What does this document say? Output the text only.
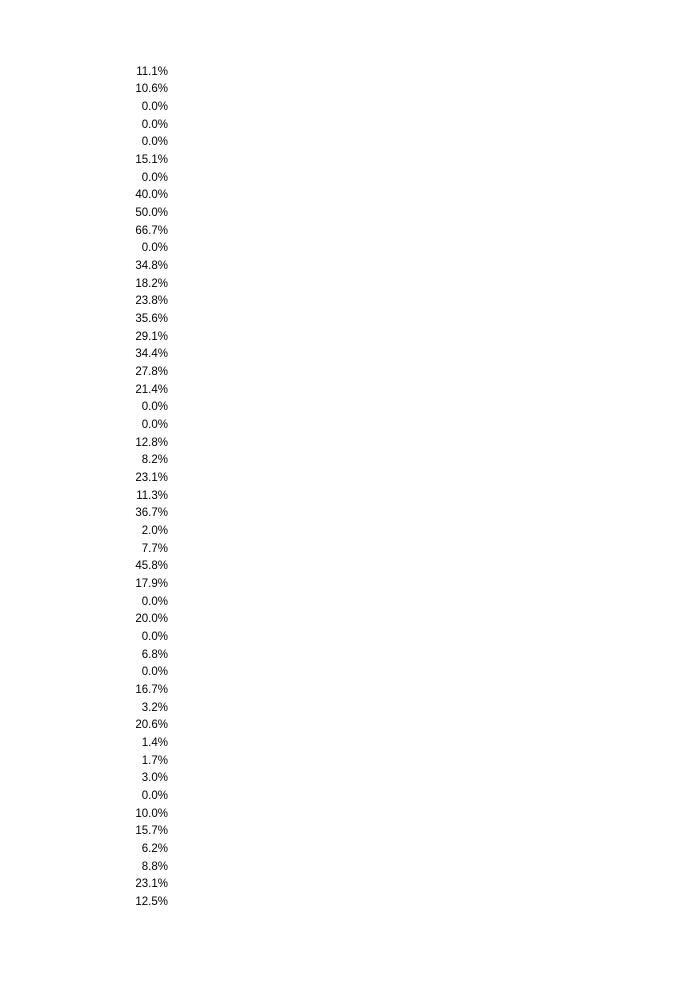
11.1%
10.6%
0.0%
0.0%
0.0%
15.1%
0.0%
40.0%
50.0%
66.7%
0.0%
34.8%
18.2%
23.8%
35.6%
29.1%
34.4%
27.8%
21.4%
0.0%
0.0%
12.8%
8.2%
23.1%
11.3%
36.7%
2.0%
7.7%
45.8%
17.9%
0.0%
20.0%
0.0%
6.8%
0.0%
16.7%
3.2%
20.6%
1.4%
1.7%
3.0%
0.0%
10.0%
15.7%
6.2%
8.8%
23.1%
12.5%
